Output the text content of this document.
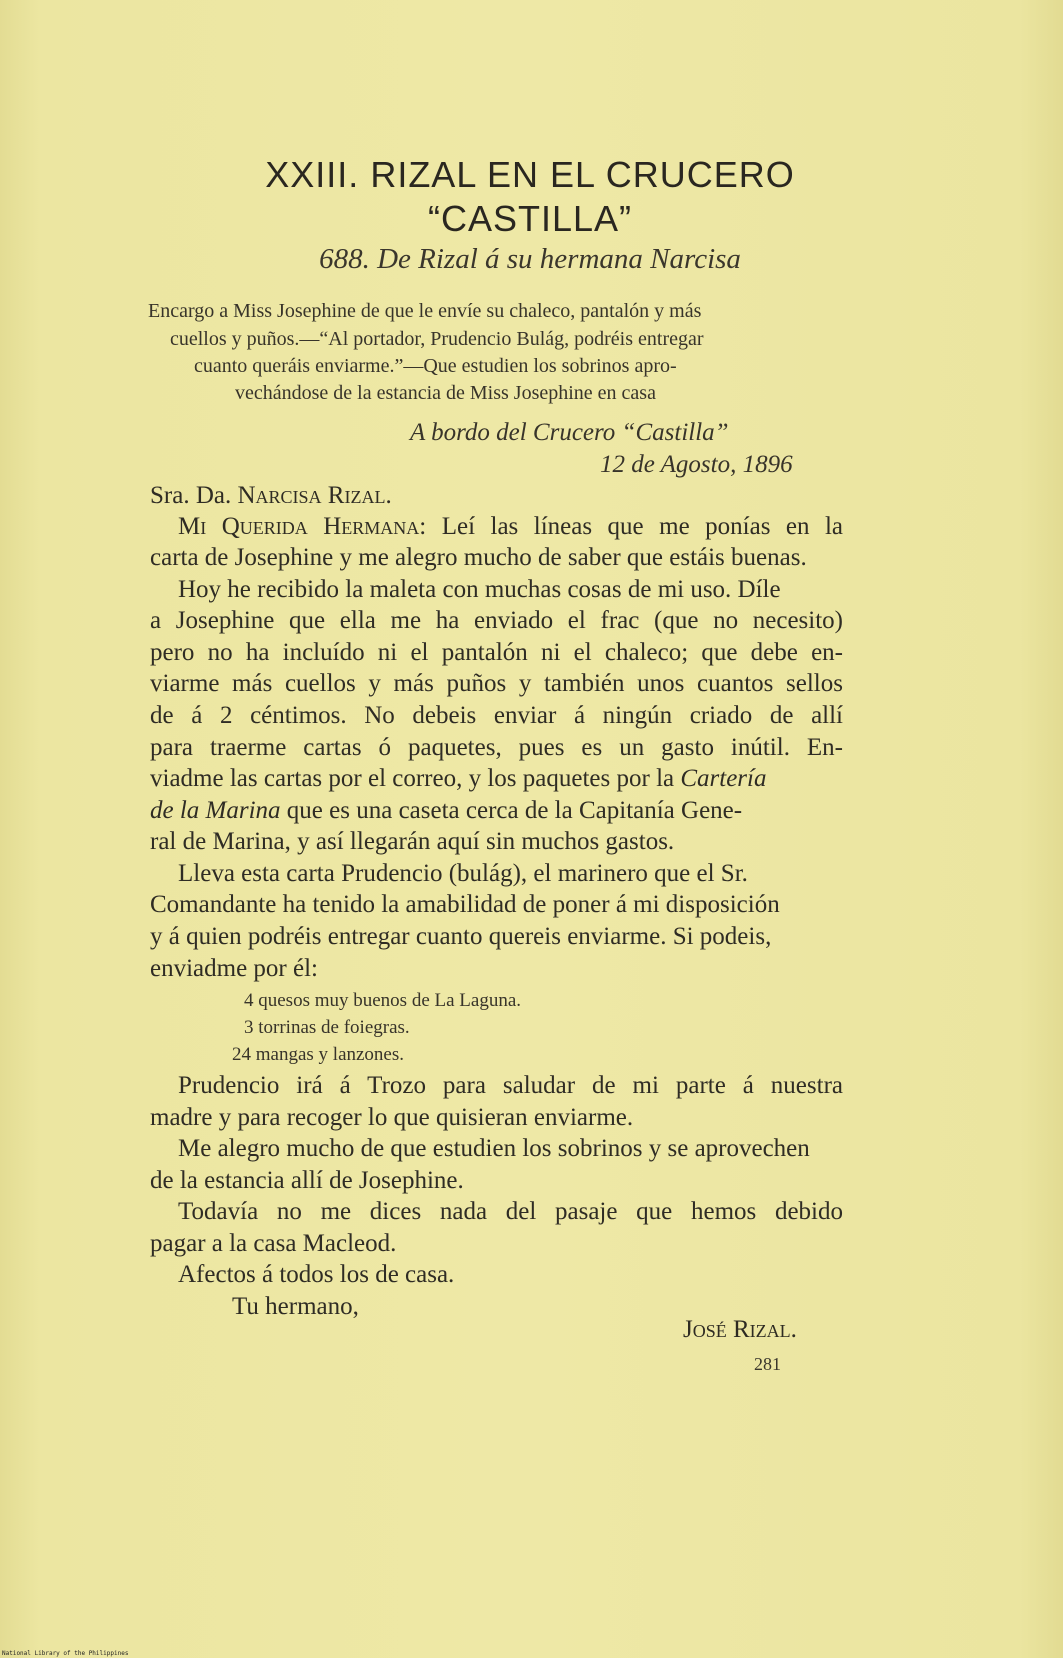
XXIII. RIZAL EN EL CRUCERO
“CASTILLA”
688. De Rizal á su hermana Narcisa
Encargo a Miss Josephine de que le envíe su chaleco, pantalón y más
cuellos y puños.—“Al portador, Prudencio Bulág, podréis entregar
cuanto queráis enviarme.”—Que estudien los sobrinos apro-
vechándose de la estancia de Miss Josephine en casa
A bordo del Crucero “Castilla”
12 de Agosto, 1896
Sra. Da. Narcisa Rizal.
Mi Querida Hermana: Leí las líneas que me ponías en la
carta de Josephine y me alegro mucho de saber que estáis buenas.
Hoy he recibido la maleta con muchas cosas de mi uso. Díle
a Josephine que ella me ha enviado el frac (que no necesito)
pero no ha incluído ni el pantalón ni el chaleco; que debe en-
viarme más cuellos y más puños y también unos cuantos sellos
de á 2 céntimos. No debeis enviar á ningún criado de allí
para traerme cartas ó paquetes, pues es un gasto inútil. En-
viadme las cartas por el correo, y los paquetes por la Cartería
de la Marina que es una caseta cerca de la Capitanía Gene-
ral de Marina, y así llegarán aquí sin muchos gastos.
Lleva esta carta Prudencio (bulág), el marinero que el Sr.
Comandante ha tenido la amabilidad de poner á mi disposición
y á quien podréis entregar cuanto quereis enviarme. Si podeis,
enviadme por él:
4 quesos muy buenos de La Laguna.
3 torrinas de foiegras.
24 mangas y lanzones.
Prudencio irá á Trozo para saludar de mi parte á nuestra
madre y para recoger lo que quisieran enviarme.
Me alegro mucho de que estudien los sobrinos y se aprovechen
de la estancia allí de Josephine.
Todavía no me dices nada del pasaje que hemos debido
pagar a la casa Macleod.
Afectos á todos los de casa.
Tu hermano,
José Rizal.
281
National Library of the Philippines
